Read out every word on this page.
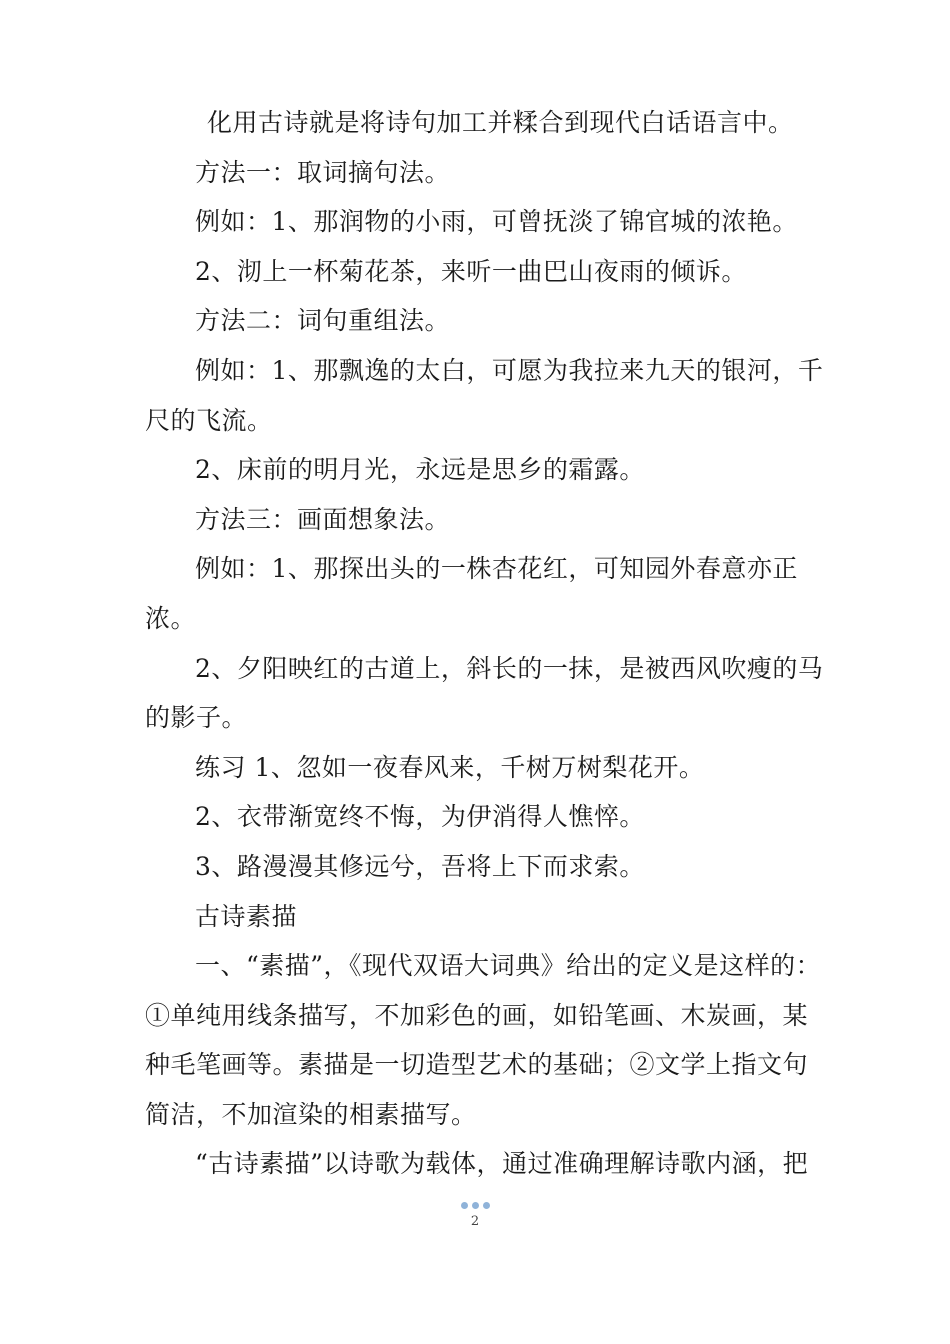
化用古诗就是将诗句加工并糅合到现代白话语言中。

方法一：取词摘句法。

例如：1、那润物的小雨，可曾抚淡了锦官城的浓艳。

2、沏上一杯菊花茶，来听一曲巴山夜雨的倾诉。

方法二：词句重组法。

例如：1、那飘逸的太白，可愿为我拉来九天的银河，千尺的飞流。

2、床前的明月光，永远是思乡的霜露。

方法三：画面想象法。

例如：1、那探出头的一株杏花红，可知园外春意亦正浓。

2、夕阳映红的古道上，斜长的一抹，是被西风吹瘦的马的影子。

练习 1、忽如一夜春风来，千树万树梨花开。

2、衣带渐宽终不悔，为伊消得人憔悴。

3、路漫漫其修远兮，吾将上下而求索。

古诗素描

一、“素描”，《现代双语大词典》给出的定义是这样的：①单纯用线条描写，不加彩色的画，如铅笔画、木炭画，某种毛笔画等。素描是一切造型艺术的基础；②文学上指文句简洁，不加渲染的相素描写。

“古诗素描”以诗歌为载体，通过准确理解诗歌内涵，把

2
